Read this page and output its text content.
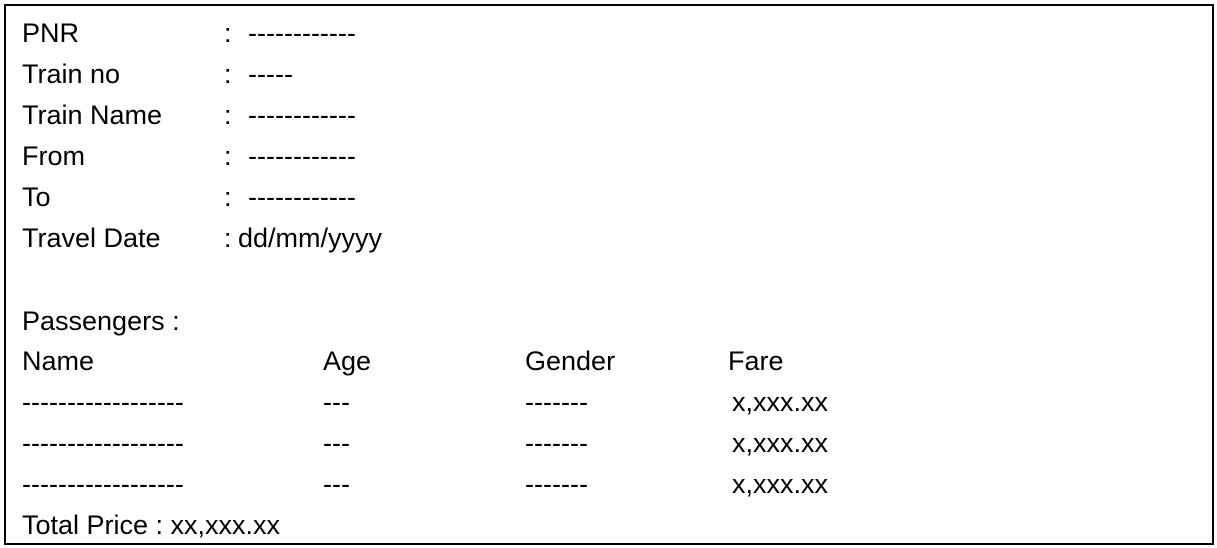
PNR	: ------------
Train no	: -----
Train Name : ------------
From	: ------------
To	: ------------
Travel Date : dd/mm/yyyy
Passengers :
Name	Age	Gender	Fare
------------------	---	-------	x,xxx.xx
------------------	---	-------	x,xxx.xx
------------------	---	-------	x,xxx.xx
Total Price : xx,xxx.xx
